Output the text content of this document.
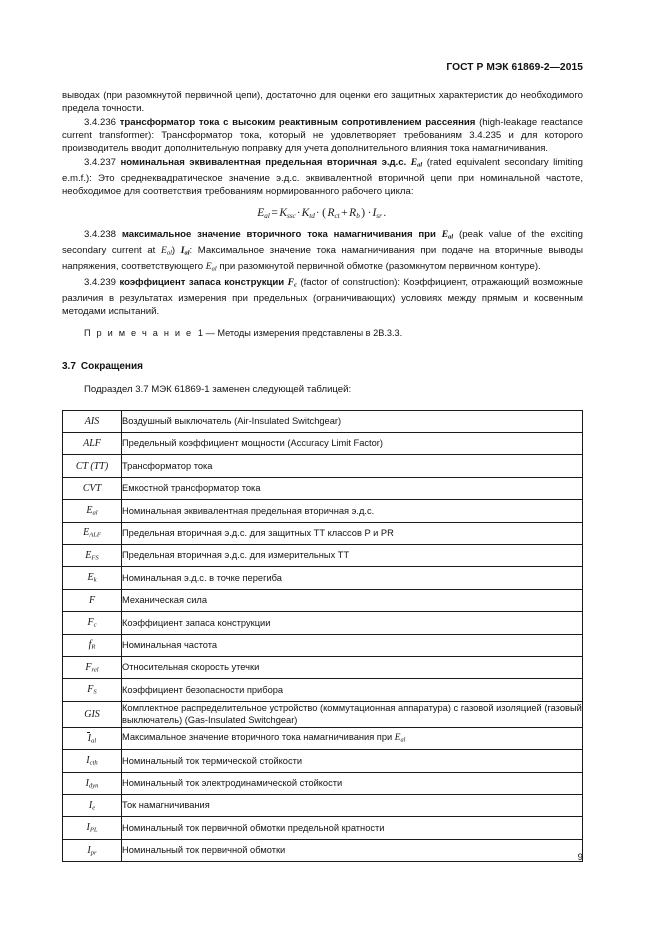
ГОСТ Р МЭК 61869-2—2015

выводах (при разомкнутой первичной цепи), достаточно для оценки его защитных характеристик до необходимого предела точности.

3.4.236 трансформатор тока с высоким реактивным сопротивлением рассеяния (high-leakage reactance current transformer): Трансформатор тока, который не удовлетворяет требованиям 3.4.235 и для которого производитель вводит дополнительную поправку для учета дополнительного влияния тока намагничивания.

3.4.237 номинальная эквивалентная предельная вторичная э.д.с. $E_{al}$ (rated equivalent secondary limiting e.m.f.): Это среднеквадратическое значение э.д.с. эквивалентной вторичной цепи при номинальной частоте, необходимое для соответствия требованиям нормированного рабочего цикла:

Eal = Kssc·Ktd· ( Rct + Rb ) ·Isr .

3.4.238 максимальное значение вторичного тока намагничивания при $E_{al}$ (peak value of the exciting secondary current at $E_{al}$) $I_{al}$: Максимальное значение тока намагничивания при подаче на вторичные выводы напряжения, соответствующего $E_{al}$ при разомкнутой первичной обмотке (разомкнутом первичном контуре).

3.4.239 коэффициент запаса конструкции $F_c$ (factor of construction): Коэффициент, отражающий возможные различия в результатах измерения при предельных (ограничивающих) условиях между прямым и косвенным методами испытаний.

П р и м е ч а н и е 1 — Методы измерения представлены в 2B.3.3.

3.7 Сокращения

Подраздел 3.7 МЭК 61869-1 заменен следующей таблицей:

AIS	Воздушный выключатель (Air-Insulated Switchgear)
ALF	Предельный коэффициент мощности (Accuracy Limit Factor)
CT (TT)	Трансформатор тока
CVT	Емкостной трансформатор тока
Eal	Номинальная эквивалентная предельная вторичная э.д.с.
EALF	Предельная вторичная э.д.с. для защитных ТТ классов P и PR
EFS	Предельная вторичная э.д.с. для измерительных ТТ
Ek	Номинальная э.д.с. в точке перегиба
F	Механическая сила
Fc	Коэффициент запаса конструкции
fR	Номинальная частота
Frel	Относительная скорость утечки
FS	Коэффициент безопасности прибора
GIS	Комплектное распределительное устройство (коммутационная аппаратура) с газовой изоляцией (газовый выключатель) (Gas-Insulated Switchgear)
Ial	Максимальное значение вторичного тока намагничивания при $E_{al}$
Icth	Номинальный ток термической стойкости
Idyn	Номинальный ток электродинамической стойкости
Ie	Ток намагничивания
IPL	Номинальный ток первичной обмотки предельной кратности
Ipr	Номинальный ток первичной обмотки
9
